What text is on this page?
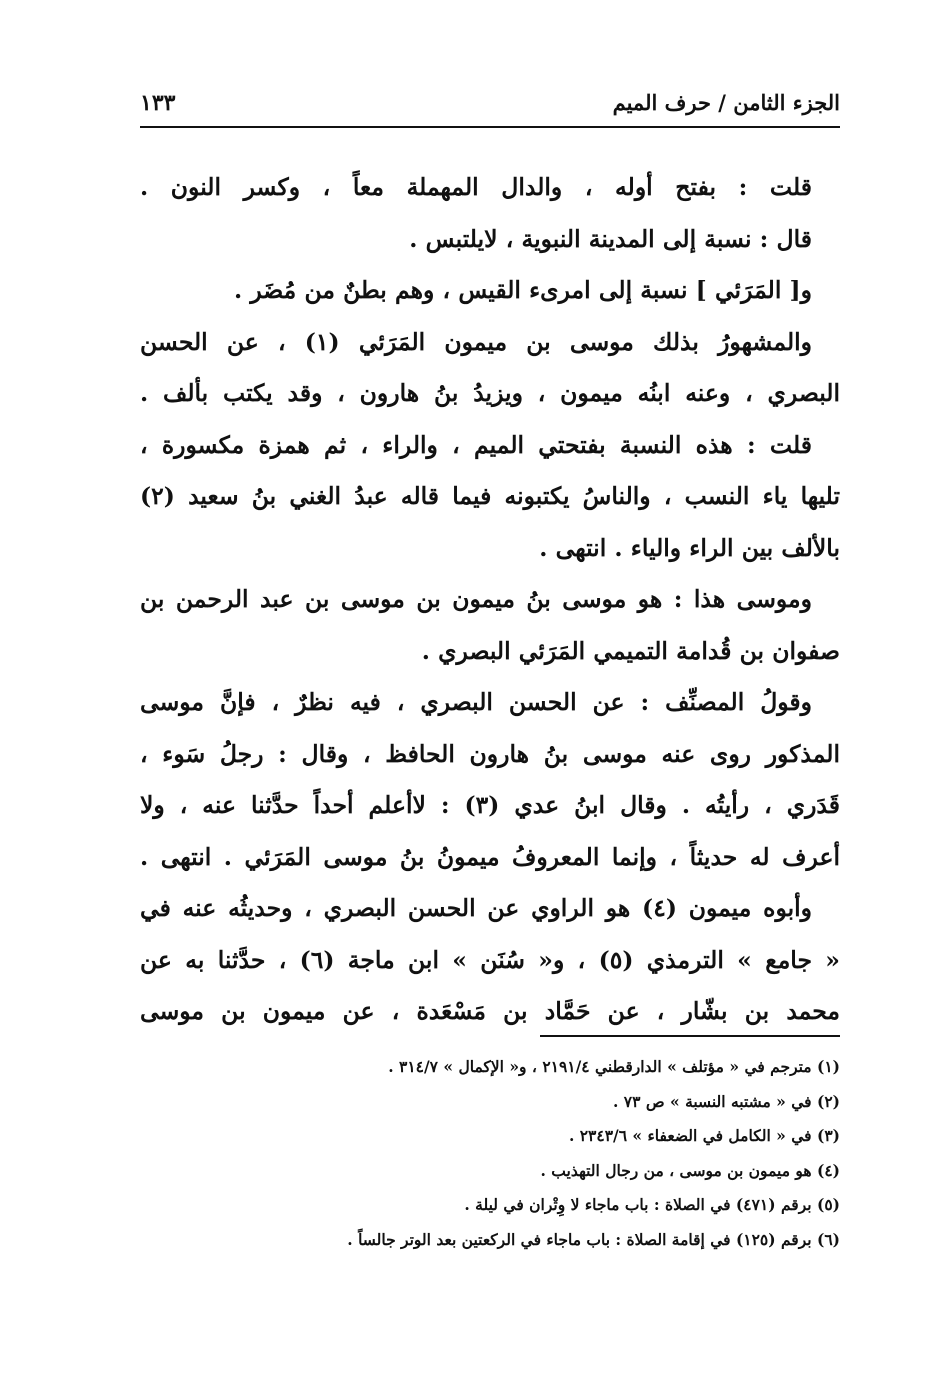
الجزء الثامن / حرف الميم
١٣٣
قلت : بفتح أوله ، والدال المهملة معاً ، وكسر النون .
قال : نسبة إلى المدينة النبوية ، لايلتبس .
و[ المَرَئي ] نسبة إلى امرىء القيس ، وهم بطنٌ من مُضَر .
والمشهورُ بذلك موسى بن ميمون المَرَئي (١) ، عن الحسن
البصري ، وعنه ابنُه ميمون ، ويزيدُ بنُ هارون ، وقد يكتب بألف .
قلت : هذه النسبة بفتحتي الميم ، والراء ، ثم همزة مكسورة ،
تليها ياء النسب ، والناسُ يكتبونه فيما قاله عبدُ الغني بنُ سعيد (٢)
بالألف بين الراء والياء . انتهى .
وموسى هذا : هو موسى بنُ ميمون بن موسى بن عبد الرحمن بن
صفوان بن قُدامة التميمي المَرَئي البصري .
وقولُ المصنِّف : عن الحسن البصري ، فيه نظرٌ ، فإنَّ موسى
المذكور روى عنه موسى بنُ هارون الحافظ ، وقال : رجلُ سَوء ،
قَدَري ، رأيتُه . وقال ابنُ عدي (٣) : لاأعلم أحداً حدَّثنا عنه ، ولا
أعرف له حديثاً ، وإنما المعروفُ ميمونُ بنُ موسى المَرَئي . انتهى .
وأبوه ميمون (٤) هو الراوي عن الحسن البصري ، وحديثُه عنه في
« جامع » الترمذي (٥) ، و« سُنَن » ابن ماجة (٦) ، حدَّثنا به عن
محمد بن بشّار ، عن حَمَّاد بن مَسْعَدة ، عن ميمون بن موسى
(١) مترجم في « مؤتلف » الدارقطني ٢١٩١/٤ ، و« الإكمال » ٣١٤/٧ .
(٢) في « مشتبه النسبة » ص ٧٣ .
(٣) في « الكامل في الضعفاء » ٢٣٤٣/٦ .
(٤) هو ميمون بن موسى ، من رجال التهذيب .
(٥) برقم (٤٧١) في الصلاة : باب ماجاء لا وِتْران في ليلة .
(٦) برقم (١٢٥) في إقامة الصلاة : باب ماجاء في الركعتين بعد الوتر جالساً .
